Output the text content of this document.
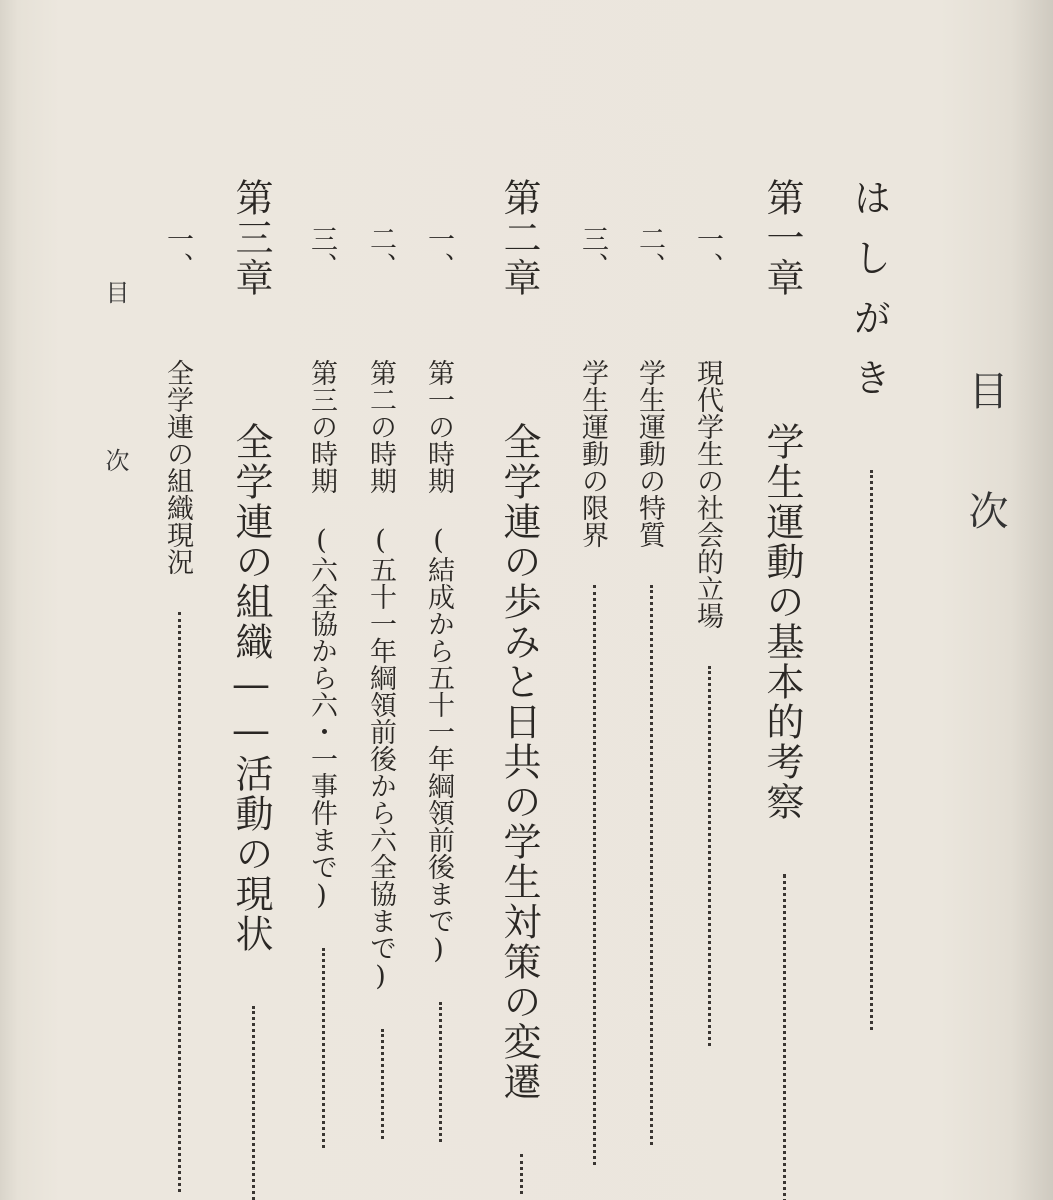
目　　次
目　次	はしがき
第一章  学生運動の基本的考察
一、  現代学生の社会的立場
二、  学生運動の特質
三、  学生運動の限界
第二章  全学連の歩みと日共の学生対策の変遷
一、  第一の時期 (結成から五十一年綱領前後まで)
二、  第二の時期 (五十一年綱領前後から六全協まで)
三、  第三の時期 (六全協から六・一事件まで)
第三章  全学連の組織——活動の現状
一、  全学連の組織現況
